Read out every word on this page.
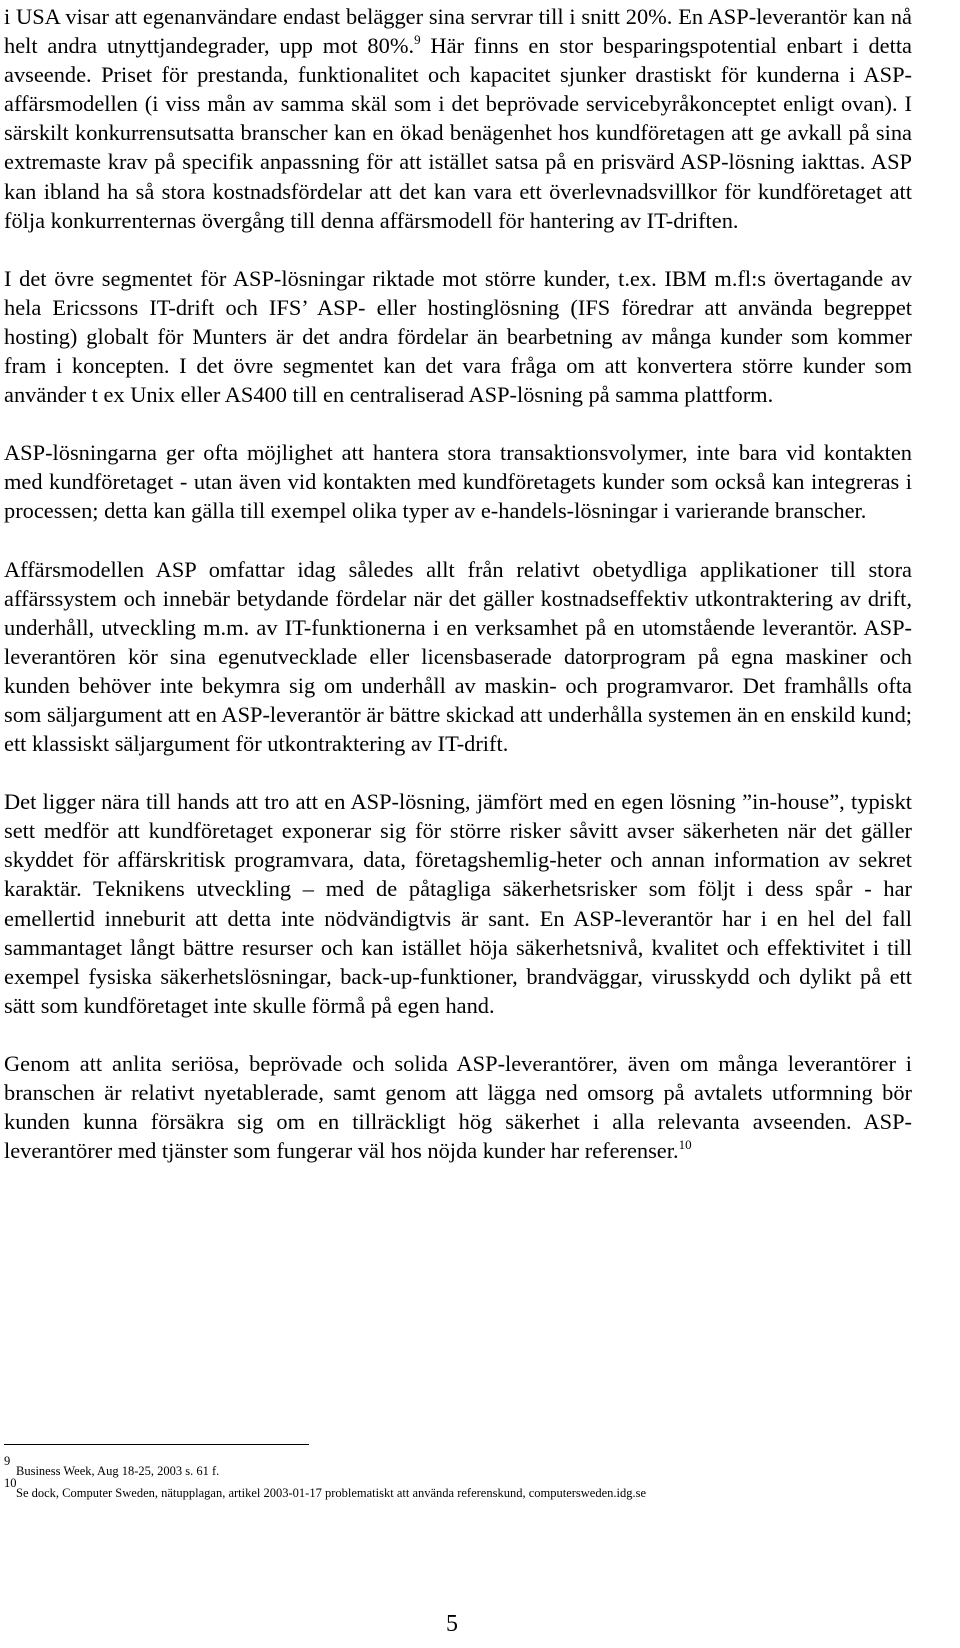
i USA visar att egenanvändare endast belägger sina servrar till i snitt 20%. En ASP-leverantör kan nå helt andra utnyttjandegrader, upp mot 80%.$^9$ Här finns en stor besparingspotential enbart i detta avseende. Priset för prestanda, funktionalitet och kapacitet sjunker drastiskt för kunderna i ASP-affärsmodellen (i viss mån av samma skäl som i det beprövade servicebyråkonceptet enligt ovan). I särskilt konkurrensutsatta branscher kan en ökad benägenhet hos kundföretagen att ge avkall på sina extremaste krav på specifik anpassning för att istället satsa på en prisvärd ASP-lösning iakttas. ASP kan ibland ha så stora kostnadsfördelar att det kan vara ett överlevnadsvillkor för kundföretaget att följa konkurrenternas övergång till denna affärsmodell för hantering av IT-driften.

I det övre segmentet för ASP-lösningar riktade mot större kunder, t.ex. IBM m.fl:s övertagande av hela Ericssons IT-drift och IFS’ ASP- eller hostinglösning (IFS föredrar att använda begreppet hosting) globalt för Munters är det andra fördelar än bearbetning av många kunder som kommer fram i koncepten. I det övre segmentet kan det vara fråga om att konvertera större kunder som använder t ex Unix eller AS400 till en centraliserad ASP-lösning på samma plattform.

ASP-lösningarna ger ofta möjlighet att hantera stora transaktionsvolymer, inte bara vid kontakten med kundföretaget - utan även vid kontakten med kundföretagets kunder som också kan integreras i processen; detta kan gälla till exempel olika typer av e-handels-lösningar i varierande branscher.

Affärsmodellen ASP omfattar idag således allt från relativt obetydliga applikationer till stora affärssystem och innebär betydande fördelar när det gäller kostnadseffektiv utkontraktering av drift, underhåll, utveckling m.m. av IT-funktionerna i en verksamhet på en utomstående leverantör. ASP-leverantören kör sina egenutvecklade eller licensbaserade datorprogram på egna maskiner och kunden behöver inte bekymra sig om underhåll av maskin- och programvaror. Det framhålls ofta som säljargument att en ASP-leverantör är bättre skickad att underhålla systemen än en enskild kund; ett klassiskt säljargument för utkontraktering av IT-drift.

Det ligger nära till hands att tro att en ASP-lösning, jämfört med en egen lösning ”in-house”, typiskt sett medför att kundföretaget exponerar sig för större risker såvitt avser säkerheten när det gäller skyddet för affärskritisk programvara, data, företagshemlig-heter och annan information av sekret karaktär. Teknikens utveckling – med de påtagliga säkerhetsrisker som följt i dess spår - har emellertid inneburit att detta inte nödvändigtvis är sant. En ASP-leverantör har i en hel del fall sammantaget långt bättre resurser och kan istället höja säkerhetsnivå, kvalitet och effektivitet i till exempel fysiska säkerhetslösningar, back-up-funktioner, brandväggar, virusskydd och dylikt på ett sätt som kundföretaget inte skulle förmå på egen hand.

Genom att anlita seriösa, beprövade och solida ASP-leverantörer, även om många leverantörer i branschen är relativt nyetablerade, samt genom att lägga ned omsorg på avtalets utformning bör kunden kunna försäkra sig om en tillräckligt hög säkerhet i alla relevanta avseenden. ASP-leverantörer med tjänster som fungerar väl hos nöjda kunder har referenser.$^{10}$

9
Business Week, Aug 18-25, 2003 s. 61 f.
10
Se dock, Computer Sweden, nätupplagan, artikel 2003-01-17 problematiskt att använda referenskund, computersweden.idg.se
5
